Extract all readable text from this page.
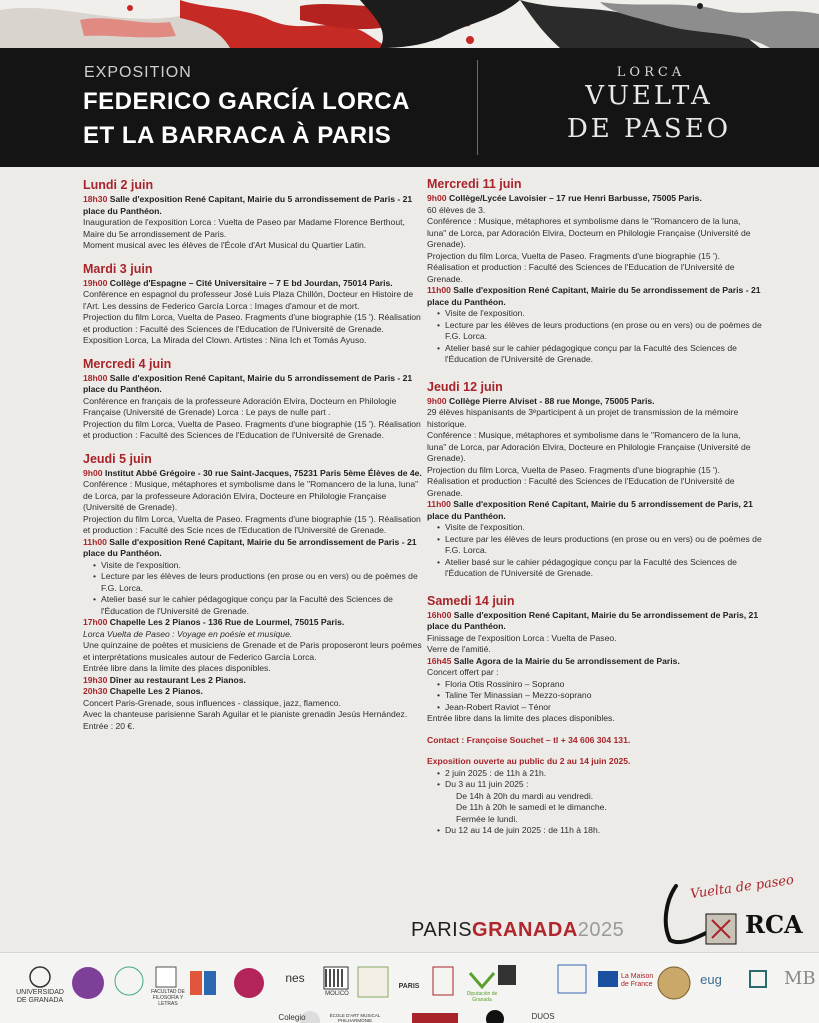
EXPOSITION
FEDERICO GARCÍA LORCA
ET LA BARRACA À PARIS
LORCA
VUELTA
DE PASEO
Lundi 2 juin
18h30 Salle d'exposition René Capitant, Mairie du 5 arrondissement de Paris - 21 place du Panthéon.
Inauguration de l'exposition Lorca : Vuelta de Paseo par Madame Florence Berthout, Maire du 5e arrondissement de Paris.
Moment musical avec les élèves de l'École d'Art Musical du Quartier Latin.
Mardi 3 juin
19h00 Collège d'Espagne – Cité Universitaire – 7 E bd Jourdan, 75014 Paris.
Conférence en espagnol du professeur José Luis Plaza Chillón, Docteur en Histoire de l'Art. Les dessins de Federico García Lorca : Images d'amour et de mort.
Projection du film Lorca, Vuelta de Paseo. Fragments d'une biographie (15 '). Réalisation et production : Faculté des Sciences de l'Education de l'Université de Grenade.
Exposition Lorca, La Mirada del Clown. Artistes : Nina Ich et Tomás Ayuso.
Mercredi 4 juin
18h00 Salle d'exposition René Capitant, Mairie du 5 arrondissement de Paris - 21 place du Panthéon.
Conférence en français de la professeure Adoración Elvira, Docteurn en Philologie Française (Université de Grenade) Lorca : Le pays de nulle part .
Projection du film Lorca, Vuelta de Paseo. Fragments d'une biographie (15 '). Réalisation et production : Faculté des Sciences de l'Education de l'Université de Grenade.
Jeudi 5 juin
9h00 Institut Abbé Grégoire - 30 rue Saint-Jacques, 75231 Paris 5ème Élèves de 4e.
Conférence : Musique, métaphores et symbolisme dans le "Romancero de la luna, luna" de Lorca, par la professeure Adoración Elvira, Docteure en Philologie Française (Université de Grenade).
Projection du film Lorca, Vuelta de Paseo. Fragments d'une biographie (15 '). Réalisation et production : Faculté des Scie nces de l'Education de l'Université de Grenade.
11h00 Salle d'exposition René Capitant, Mairie du 5e arrondissement de Paris - 21 place du Panthéon.
• Visite de l'exposition.
• Lecture par les élèves de leurs productions (en prose ou en vers) ou de poèmes de F.G. Lorca.
• Atelier basé sur le cahier pédagogique conçu par la Faculté des Sciences de l'Éducation de l'Université de Grenade.
17h00 Chapelle Les 2 Pianos - 136 Rue de Lourmel, 75015 Paris.
Lorca Vuelta de Paseo : Voyage en poésie et musique.
Une quinzaine de poètes et musiciens de Grenade et de Paris proposeront leurs poèmes et interprétations musicales autour de Federico García Lorca.
Entrée libre dans la limite des places disponibles.
19h30 Dîner au restaurant Les 2 Pianos.
20h30 Chapelle Les 2 Pianos.
Concert Paris-Grenade, sous influences - classique, jazz, flamenco.
Avec la chanteuse parisienne Sarah Aguilar et le pianiste grenadin Jesús Hernández. Entrée : 20 €.
Mercredi 11 juin
9h00 Collège/Lycée Lavoisier – 17 rue Henri Barbusse, 75005 Paris.
60 élèves de 3.
Conférence : Musique, métaphores et symbolisme dans le "Romancero de la luna, luna" de Lorca, par Adoración Elvira, Docteurn en Philologie Française (Université de Grenade).
Projection du film Lorca, Vuelta de Paseo. Fragments d'une biographie (15 '). Réalisation et production : Faculté des Sciences de l'Education de l'Université de Grenade.
11h00 Salle d'exposition René Capitant, Mairie du 5e arrondissement de Paris - 21 place du Panthéon.
• Visite de l'exposition.
• Lecture par les élèves de leurs productions (en prose ou en vers) ou de poèmes de F.G. Lorca.
• Atelier basé sur le cahier pédagogique conçu par la Faculté des Sciences de l'Éducation de l'Université de Grenade.
Jeudi 12 juin
9h00 Collège Pierre Alviset - 88 rue Monge, 75005 Paris.
29 élèves hispanisants de 3ᵉparticipent à un projet de transmission de la mémoire historique.
Conférence : Musique, métaphores et symbolisme dans le "Romancero de la luna, luna" de Lorca, par Adoración Elvira, Docteure en Philologie Française (Université de Grenade).
Projection du film Lorca, Vuelta de Paseo. Fragments d'une biographie (15 '). Réalisation et production : Faculté des Sciences de l'Education de l'Université de Grenade.
11h00 Salle d'exposition René Capitant, Mairie du 5 arrondissement de Paris, 21 place du Panthéon.
• Visite de l'exposition.
• Lecture par les élèves de leurs productions (en prose ou en vers) ou de poèmes de F.G. Lorca.
• Atelier basé sur le cahier pédagogique conçu par la Faculté des Sciences de l'Éducation de l'Université de Grenade.
Samedi 14 juin
16h00 Salle d'exposition René Capitant, Mairie du 5e arrondissement de Paris, 21 place du Panthéon.
Finissage de l'exposition Lorca : Vuelta de Paseo.
Verre de l'amitié.
16h45 Salle Agora de la Mairie du 5e arrondissement de Paris.
Concert offert par :
• Floria Otis Rossiniro – Soprano
• Taline Ter Minassian – Mezzo-soprano
• Jean-Robert Raviot – Ténor
Entrée libre dans la limite des places disponibles.
Contact : Françoise Souchet – tl + 34 606 304 131.
Exposition ouverte au public du 2 au 14 juin 2025.
• 2 juin 2025 : de 11h à 21h.
• Du 3 au 11 juin 2025 :
De 14h à 20h du mardi au vendredi.
De 11h à 20h le samedi et le dimanche.
Fermée le lundi.
• Du 12 au 14 de juin 2025 : de 11h à 18h.
PARISGRANADA2025
Vuelta de paseo
RCA
UNIVERSIDAD DE GRANADA
FACULTAD DE FILOSOFÍA Y LETRAS
nes
MOLICO
PARIS
Diputación de Granada
La Maison de France	eug	MB
Colegio	ÉCOLE D'ART MUSICAL PHILHARMONIE	DUOS
